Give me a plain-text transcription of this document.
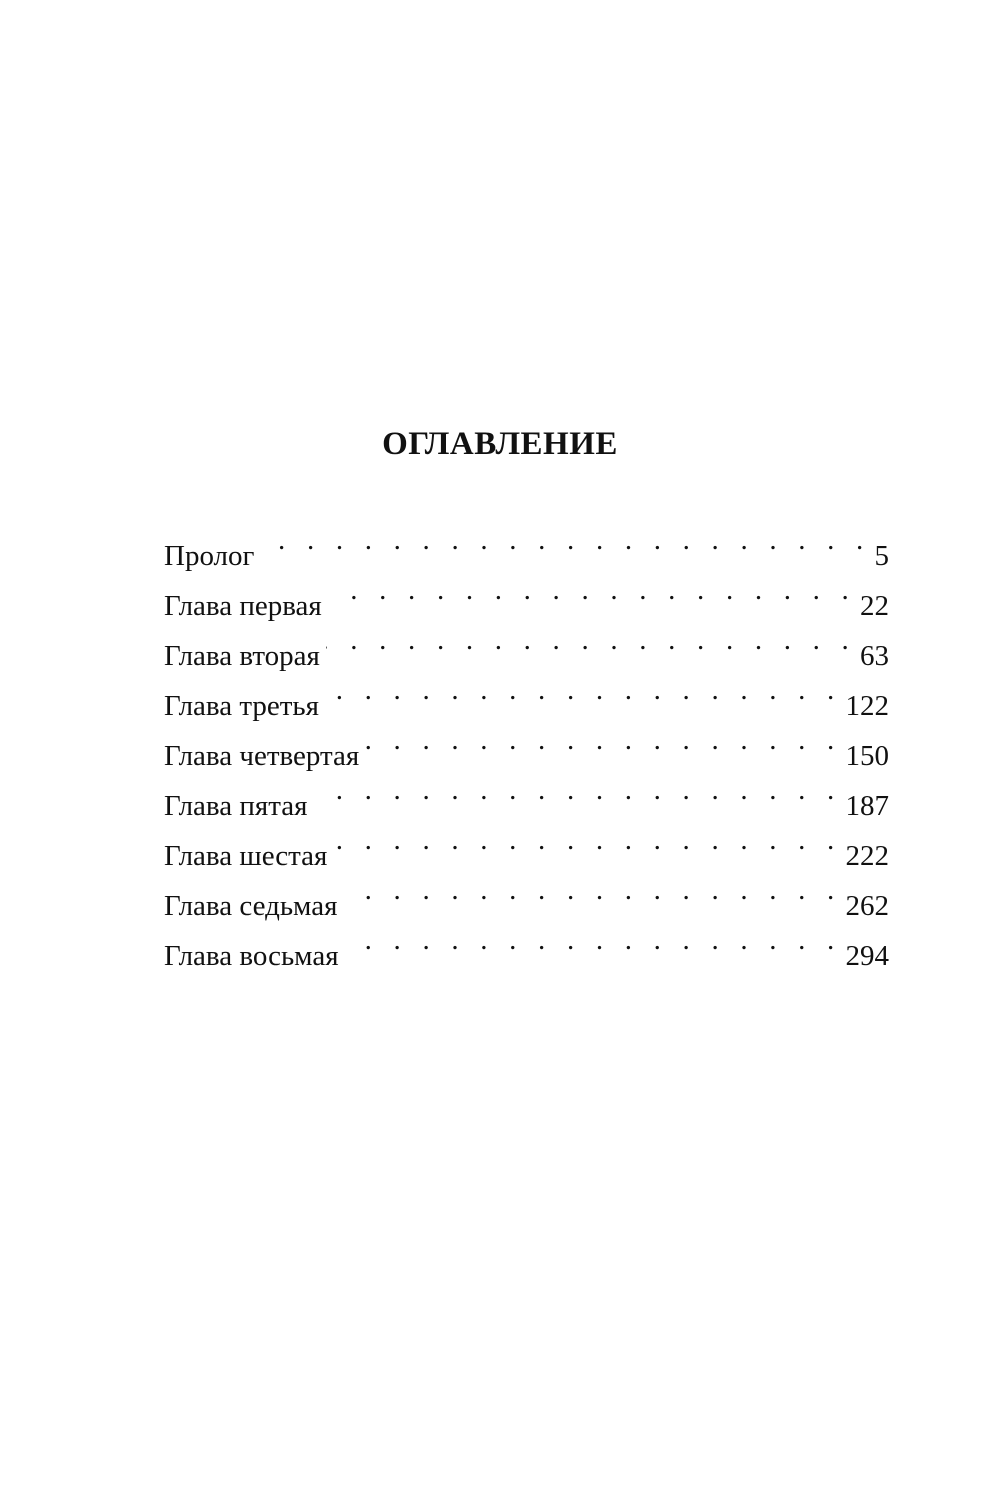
ОГЛАВЛЕНИЕ
Пролог . . .	5
Глава первая . . .	22
Глава вторая . . .	63
Глава третья . . .	122
Глава четвертая . . .	150
Глава пятая . . .	187
Глава шестая . . .	222
Глава седьмая . . .	262
Глава восьмая . . .	294
